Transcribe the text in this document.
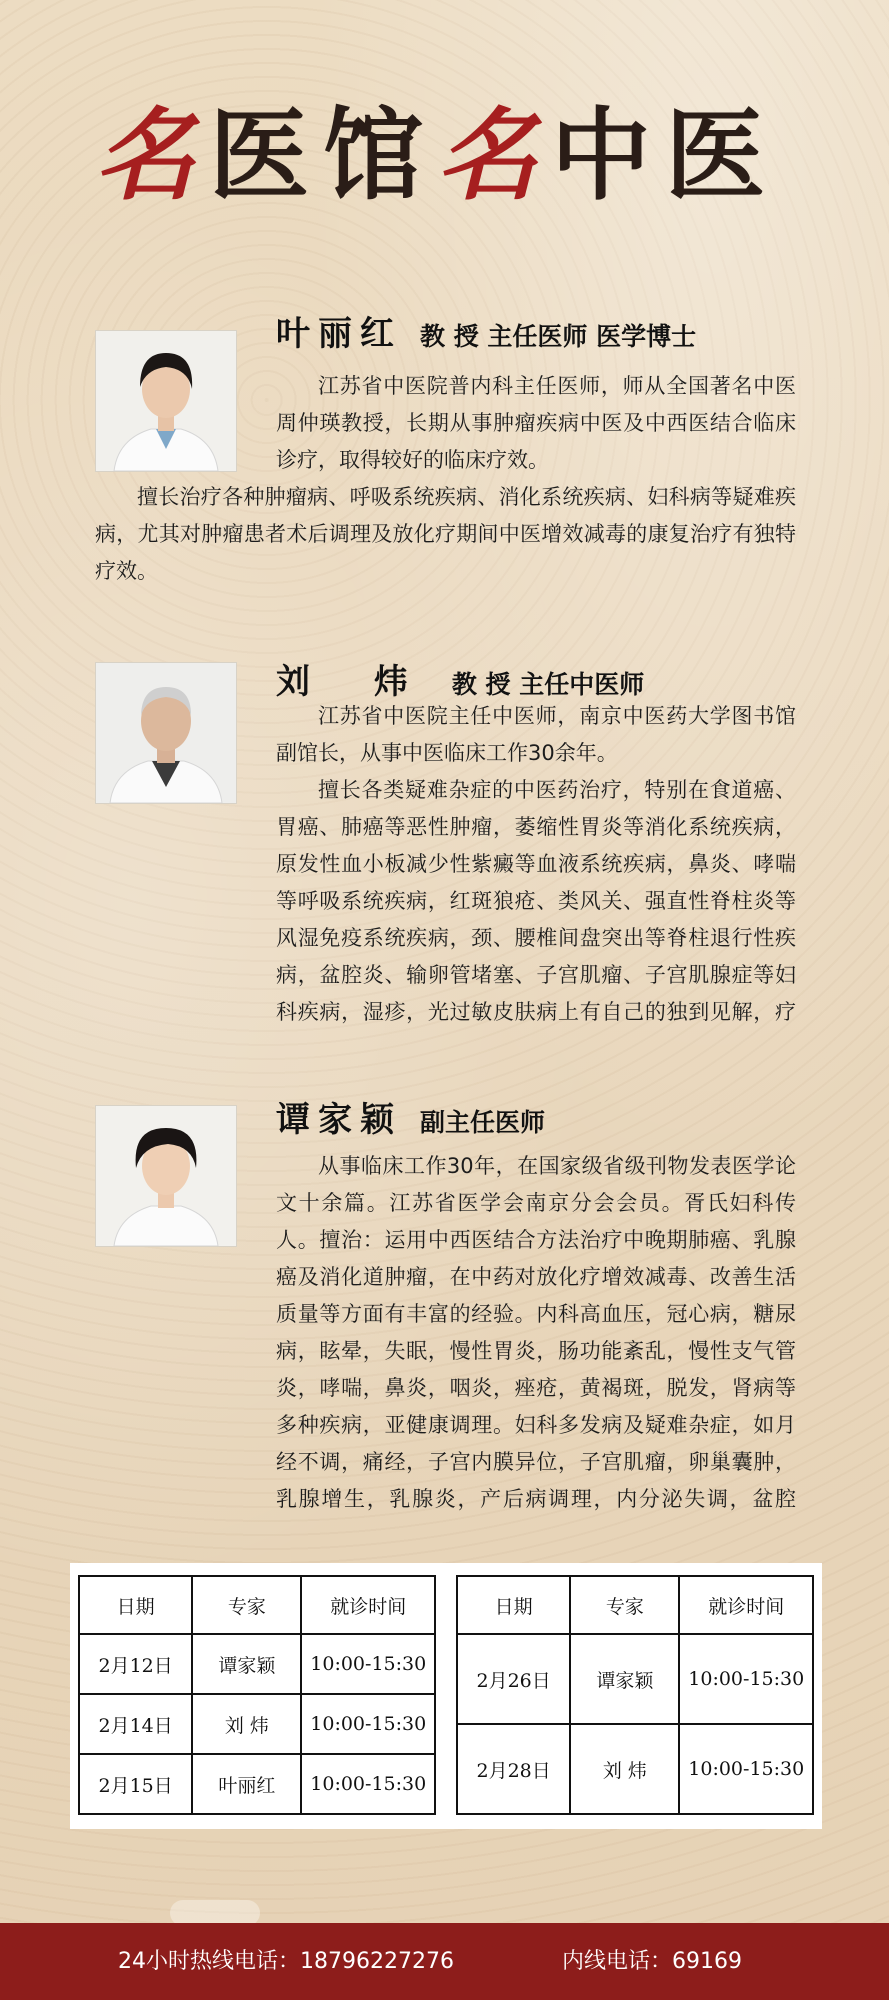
名医馆名中医
叶丽红 教 授 主任医师 医学博士
江苏省中医院普内科主任医师，师从全国著名中医周仲瑛教授，长期从事肿瘤疾病中医及中西医结合临床诊疗，取得较好的临床疗效。
擅长治疗各种肿瘤病、呼吸系统疾病、消化系统疾病、妇科病等疑难疾病，尤其对肿瘤患者术后调理及放化疗期间中医增效减毒的康复治疗有独特疗效。
刘 炜 教 授 主任中医师
江苏省中医院主任中医师，南京中医药大学图书馆副馆长，从事中医临床工作30余年。
擅长各类疑难杂症的中医药治疗，特别在食道癌、胃癌、肺癌等恶性肿瘤，萎缩性胃炎等消化系统疾病，原发性血小板减少性紫癜等血液系统疾病，鼻炎、哮喘
等呼吸系统疾病，红斑狼疮、类风关、强直性脊柱炎等风湿免疫系统疾病，颈、腰椎间盘突出等脊柱退行性疾病，盆腔炎、输卵管堵塞、子宫肌瘤、子宫肌腺症等妇科疾病，湿疹，光过敏皮肤病上有自己的独到见解，疗
谭家颖 副主任医师
从事临床工作30年，在国家级省级刊物发表医学论文十余篇。江苏省医学会南京分会会员。胥氏妇科传人。擅治：运用中西医结合方法治疗中晚期肺癌、乳腺癌及消化道肿瘤，在中药对放化疗增效减毒、改善生活
质量等方面有丰富的经验。内科高血压，冠心病，糖尿病，眩晕，失眠，慢性胃炎，肠功能紊乱，慢性支气管炎，哮喘，鼻炎，咽炎，痤疮，黄褐斑，脱发，肾病等多种疾病，亚健康调理。妇科多发病及疑难杂症，如月经不调，痛经，子宫内膜异位，子宫肌瘤，卵巢囊肿，乳腺增生，乳腺炎，产后病调理，内分泌失调，盆腔
日期	专家	就诊时间
2月12日	谭家颖	10:00-15:30
2月14日	刘 炜	10:00-15:30
2月15日	叶丽红	10:00-15:30
日期	专家	就诊时间
2月26日	谭家颖	10:00-15:30
2月28日	刘 炜	10:00-15:30
24小时热线电话：18796227276	内线电话：69169
